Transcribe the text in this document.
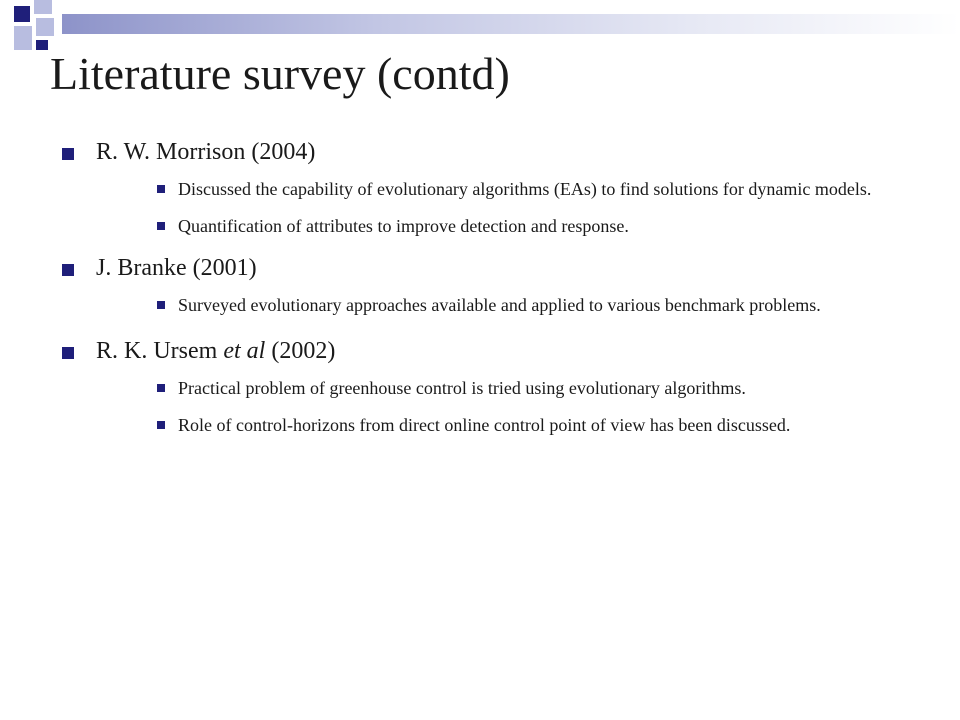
Literature survey (contd)
R. W. Morrison (2004)
Discussed the capability of evolutionary algorithms (EAs) to find solutions for dynamic models.
Quantification of attributes to improve detection and response.
J. Branke (2001)
Surveyed evolutionary approaches available and applied to various benchmark problems.
R. K. Ursem et al (2002)
Practical problem of greenhouse control is tried using evolutionary algorithms.
Role of control-horizons from direct online control point of view has been discussed.
